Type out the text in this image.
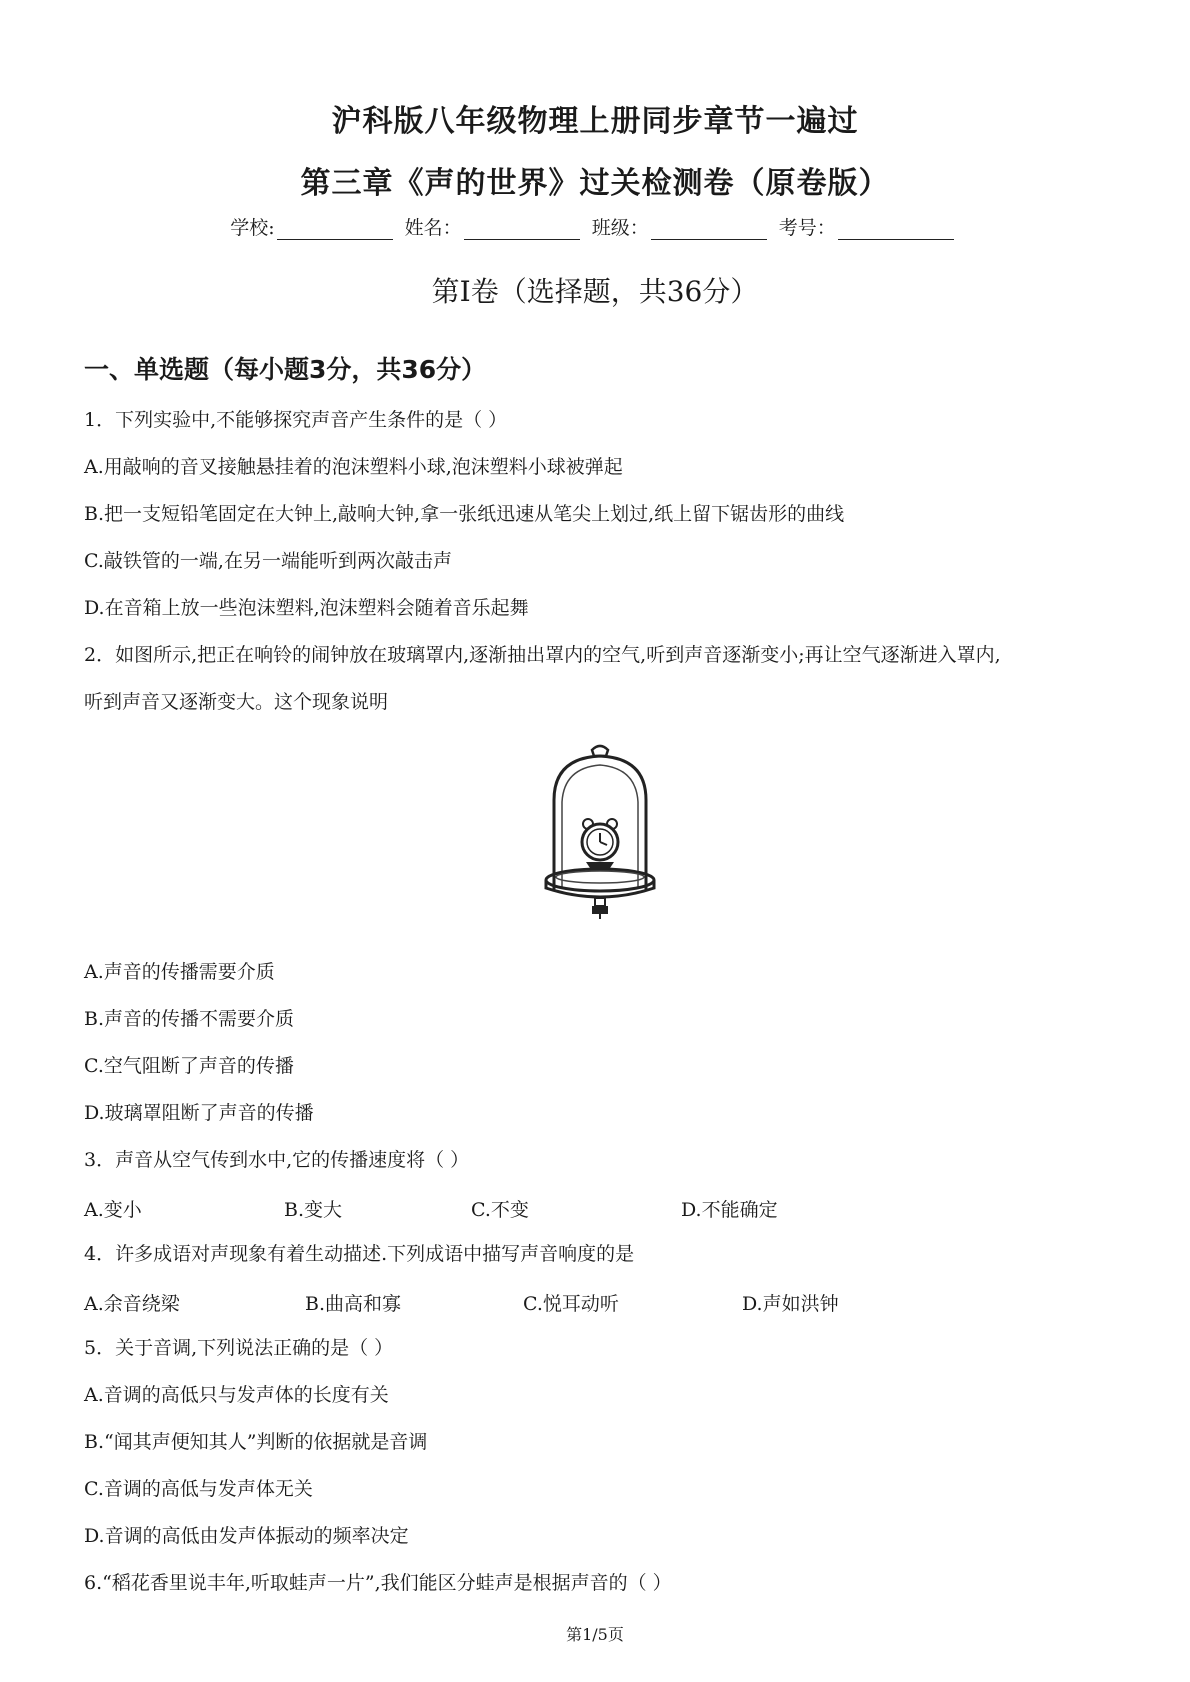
沪科版八年级物理上册同步章节一遍过
第三章《声的世界》过关检测卷（原卷版）
学校:	姓名：	班级：	考号：
第I卷（选择题，共36分）
一、单选题（每小题3分，共36分）
1．下列实验中,不能够探究声音产生条件的是（ ）
A.用敲响的音叉接触悬挂着的泡沫塑料小球,泡沫塑料小球被弹起
B.把一支短铅笔固定在大钟上,敲响大钟,拿一张纸迅速从笔尖上划过,纸上留下锯齿形的曲线
C.敲铁管的一端,在另一端能听到两次敲击声
D.在音箱上放一些泡沫塑料,泡沫塑料会随着音乐起舞
2．如图所示,把正在响铃的闹钟放在玻璃罩内,逐渐抽出罩内的空气,听到声音逐渐变小;再让空气逐渐进入罩内,
听到声音又逐渐变大。这个现象说明
A.声音的传播需要介质
B.声音的传播不需要介质
C.空气阻断了声音的传播
D.玻璃罩阻断了声音的传播
3．声音从空气传到水中,它的传播速度将（ ）
A.变小	B.变大	C.不变	D.不能确定
4．许多成语对声现象有着生动描述.下列成语中描写声音响度的是
A.余音绕梁	B.曲高和寡	C.悦耳动听	D.声如洪钟
5．关于音调,下列说法正确的是（ ）
A.音调的高低只与发声体的长度有关
B.“闻其声便知其人”判断的依据就是音调
C.音调的高低与发声体无关
D.音调的高低由发声体振动的频率决定
6.“稻花香里说丰年,听取蛙声一片”,我们能区分蛙声是根据声音的（ ）
第1/5页
